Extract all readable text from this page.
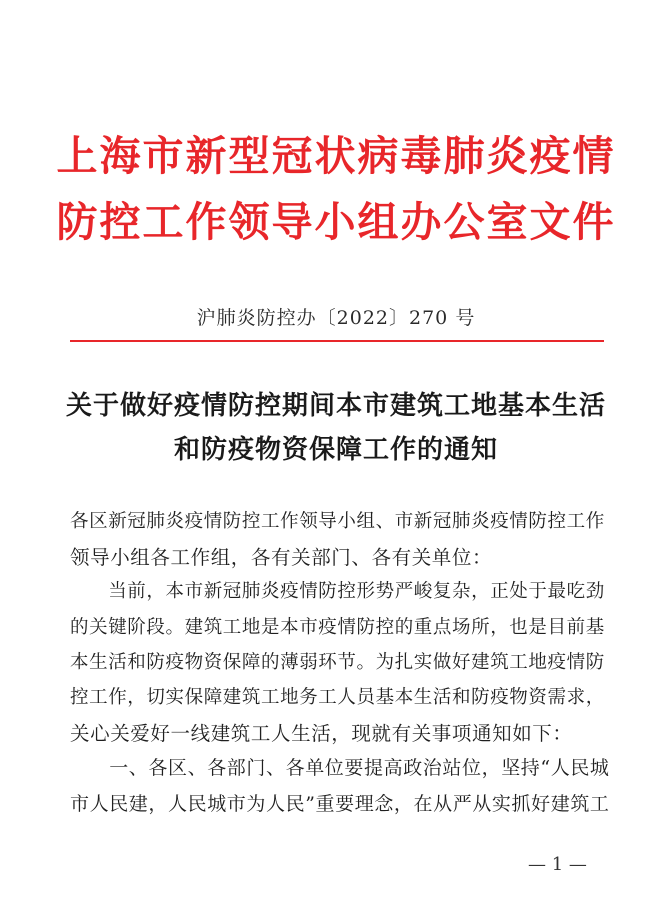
上海市新型冠状病毒肺炎疫情
防控工作领导小组办公室文件
沪肺炎防控办〔2022〕270 号
关于做好疫情防控期间本市建筑工地基本生活
和防疫物资保障工作的通知
各区新冠肺炎疫情防控工作领导小组、市新冠肺炎疫情防控工作
领导小组各工作组，各有关部门、各有关单位：
　　当前，本市新冠肺炎疫情防控形势严峻复杂，正处于最吃劲
的关键阶段。建筑工地是本市疫情防控的重点场所，也是目前基
本生活和防疫物资保障的薄弱环节。为扎实做好建筑工地疫情防
控工作，切实保障建筑工地务工人员基本生活和防疫物资需求，
关心关爱好一线建筑工人生活，现就有关事项通知如下：
　　一、各区、各部门、各单位要提高政治站位，坚持“人民城
市人民建，人民城市为人民”重要理念，在从严从实抓好建筑工
— 1 —
